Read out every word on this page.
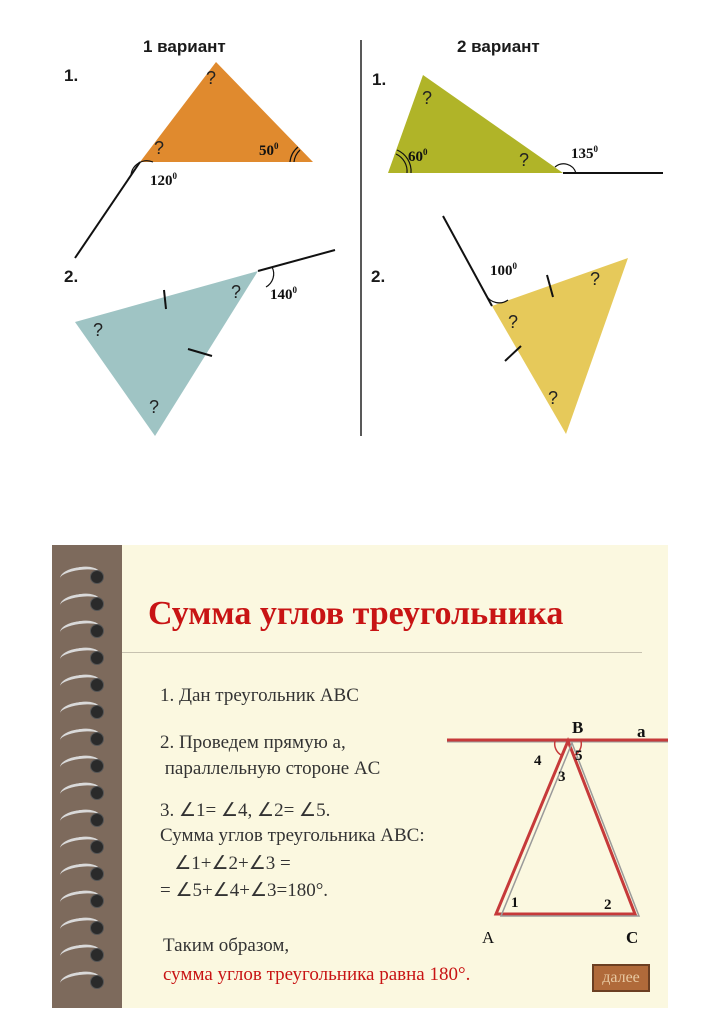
1 вариант	2 вариант
1.
2.
1.
2.
?
?	$50^0$
$120^0$
?
?
?
$140^0$
?
?
$60^0$	$135^0$
?
?
?
$100^0$
Сумма углов треугольника
1. Дан треугольник ABC
2. Проведем прямую а,
параллельную стороне AC
3. ∠1= ∠4, ∠2= ∠5.
Сумма углов треугольника ABC:
∠1+∠2+∠3 =
= ∠5+∠4+∠3=180°.
Таким образом,
сумма углов треугольника равна 180°.
B	a
A	C
1	2
3
4 5
далее
